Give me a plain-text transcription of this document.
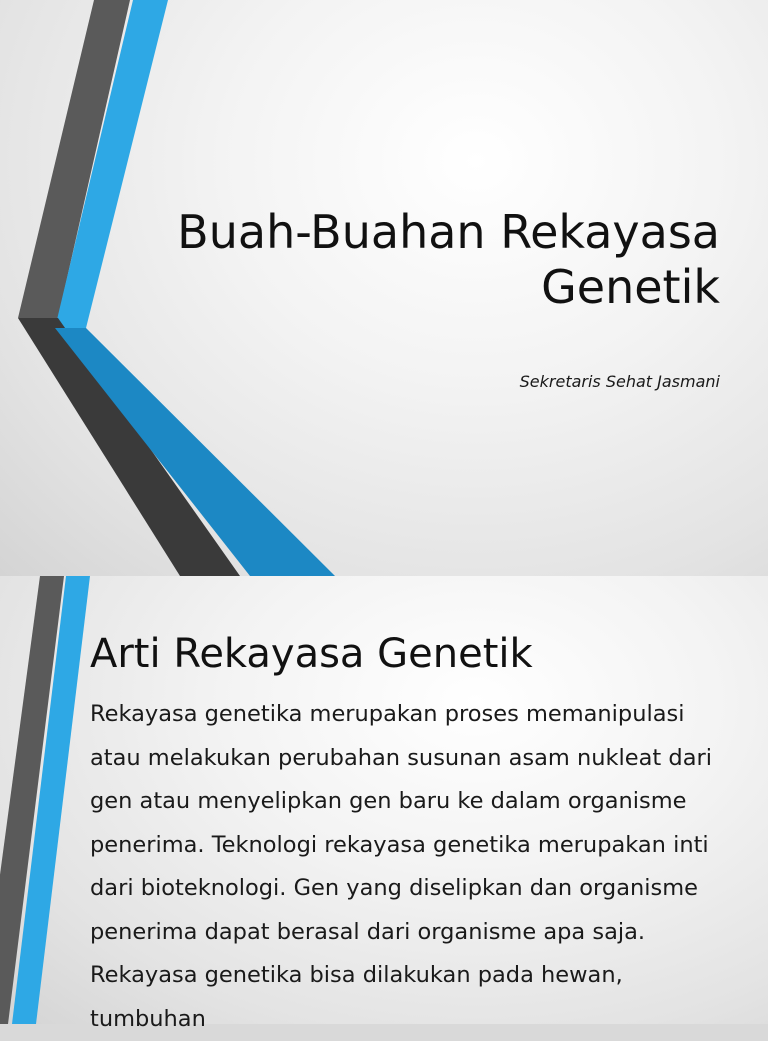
Buah-Buahan Rekayasa Genetik

Sekretaris Sehat Jasmani

Arti Rekayasa Genetik

Rekayasa genetika merupakan proses memanipulasi atau melakukan perubahan susunan asam nukleat dari gen atau menyelipkan gen baru ke dalam organisme penerima. Teknologi rekayasa genetika merupakan inti dari bioteknologi. Gen yang diselipkan dan organisme penerima dapat berasal dari organisme apa saja. Rekayasa genetika bisa dilakukan pada hewan, tumbuhan
